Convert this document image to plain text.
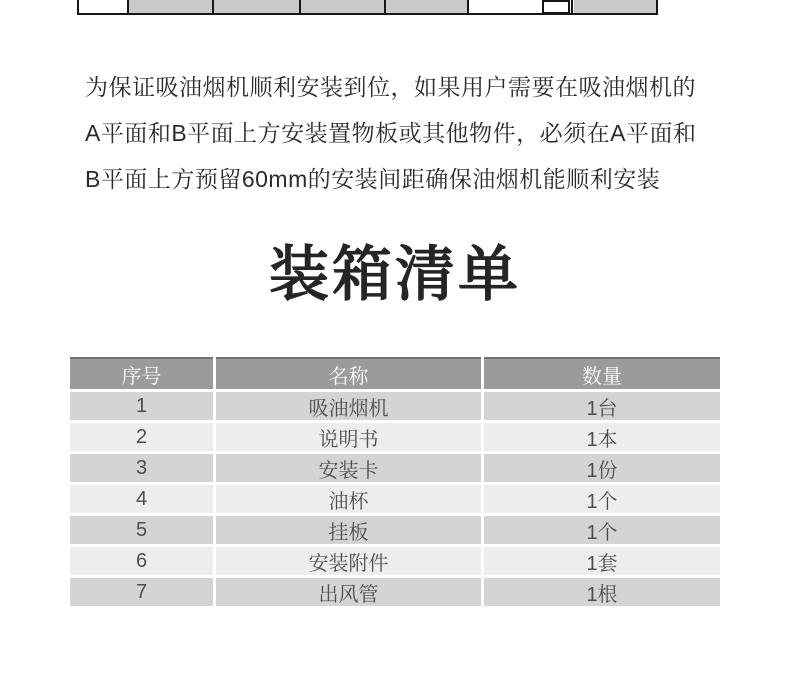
为保证吸油烟机顺利安装到位，如果用户需要在吸油烟机的
A平面和B平面上方安装置物板或其他物件，必须在A平面和
B平面上方预留60mm的安装间距确保油烟机能顺利安装
装箱清单
序号	名称	数量
1	吸油烟机	1台
2	说明书	1本
3	安装卡	1份
4	油杯	1个
5	挂板	1个
6	安装附件	1套
7	出风管	1根
